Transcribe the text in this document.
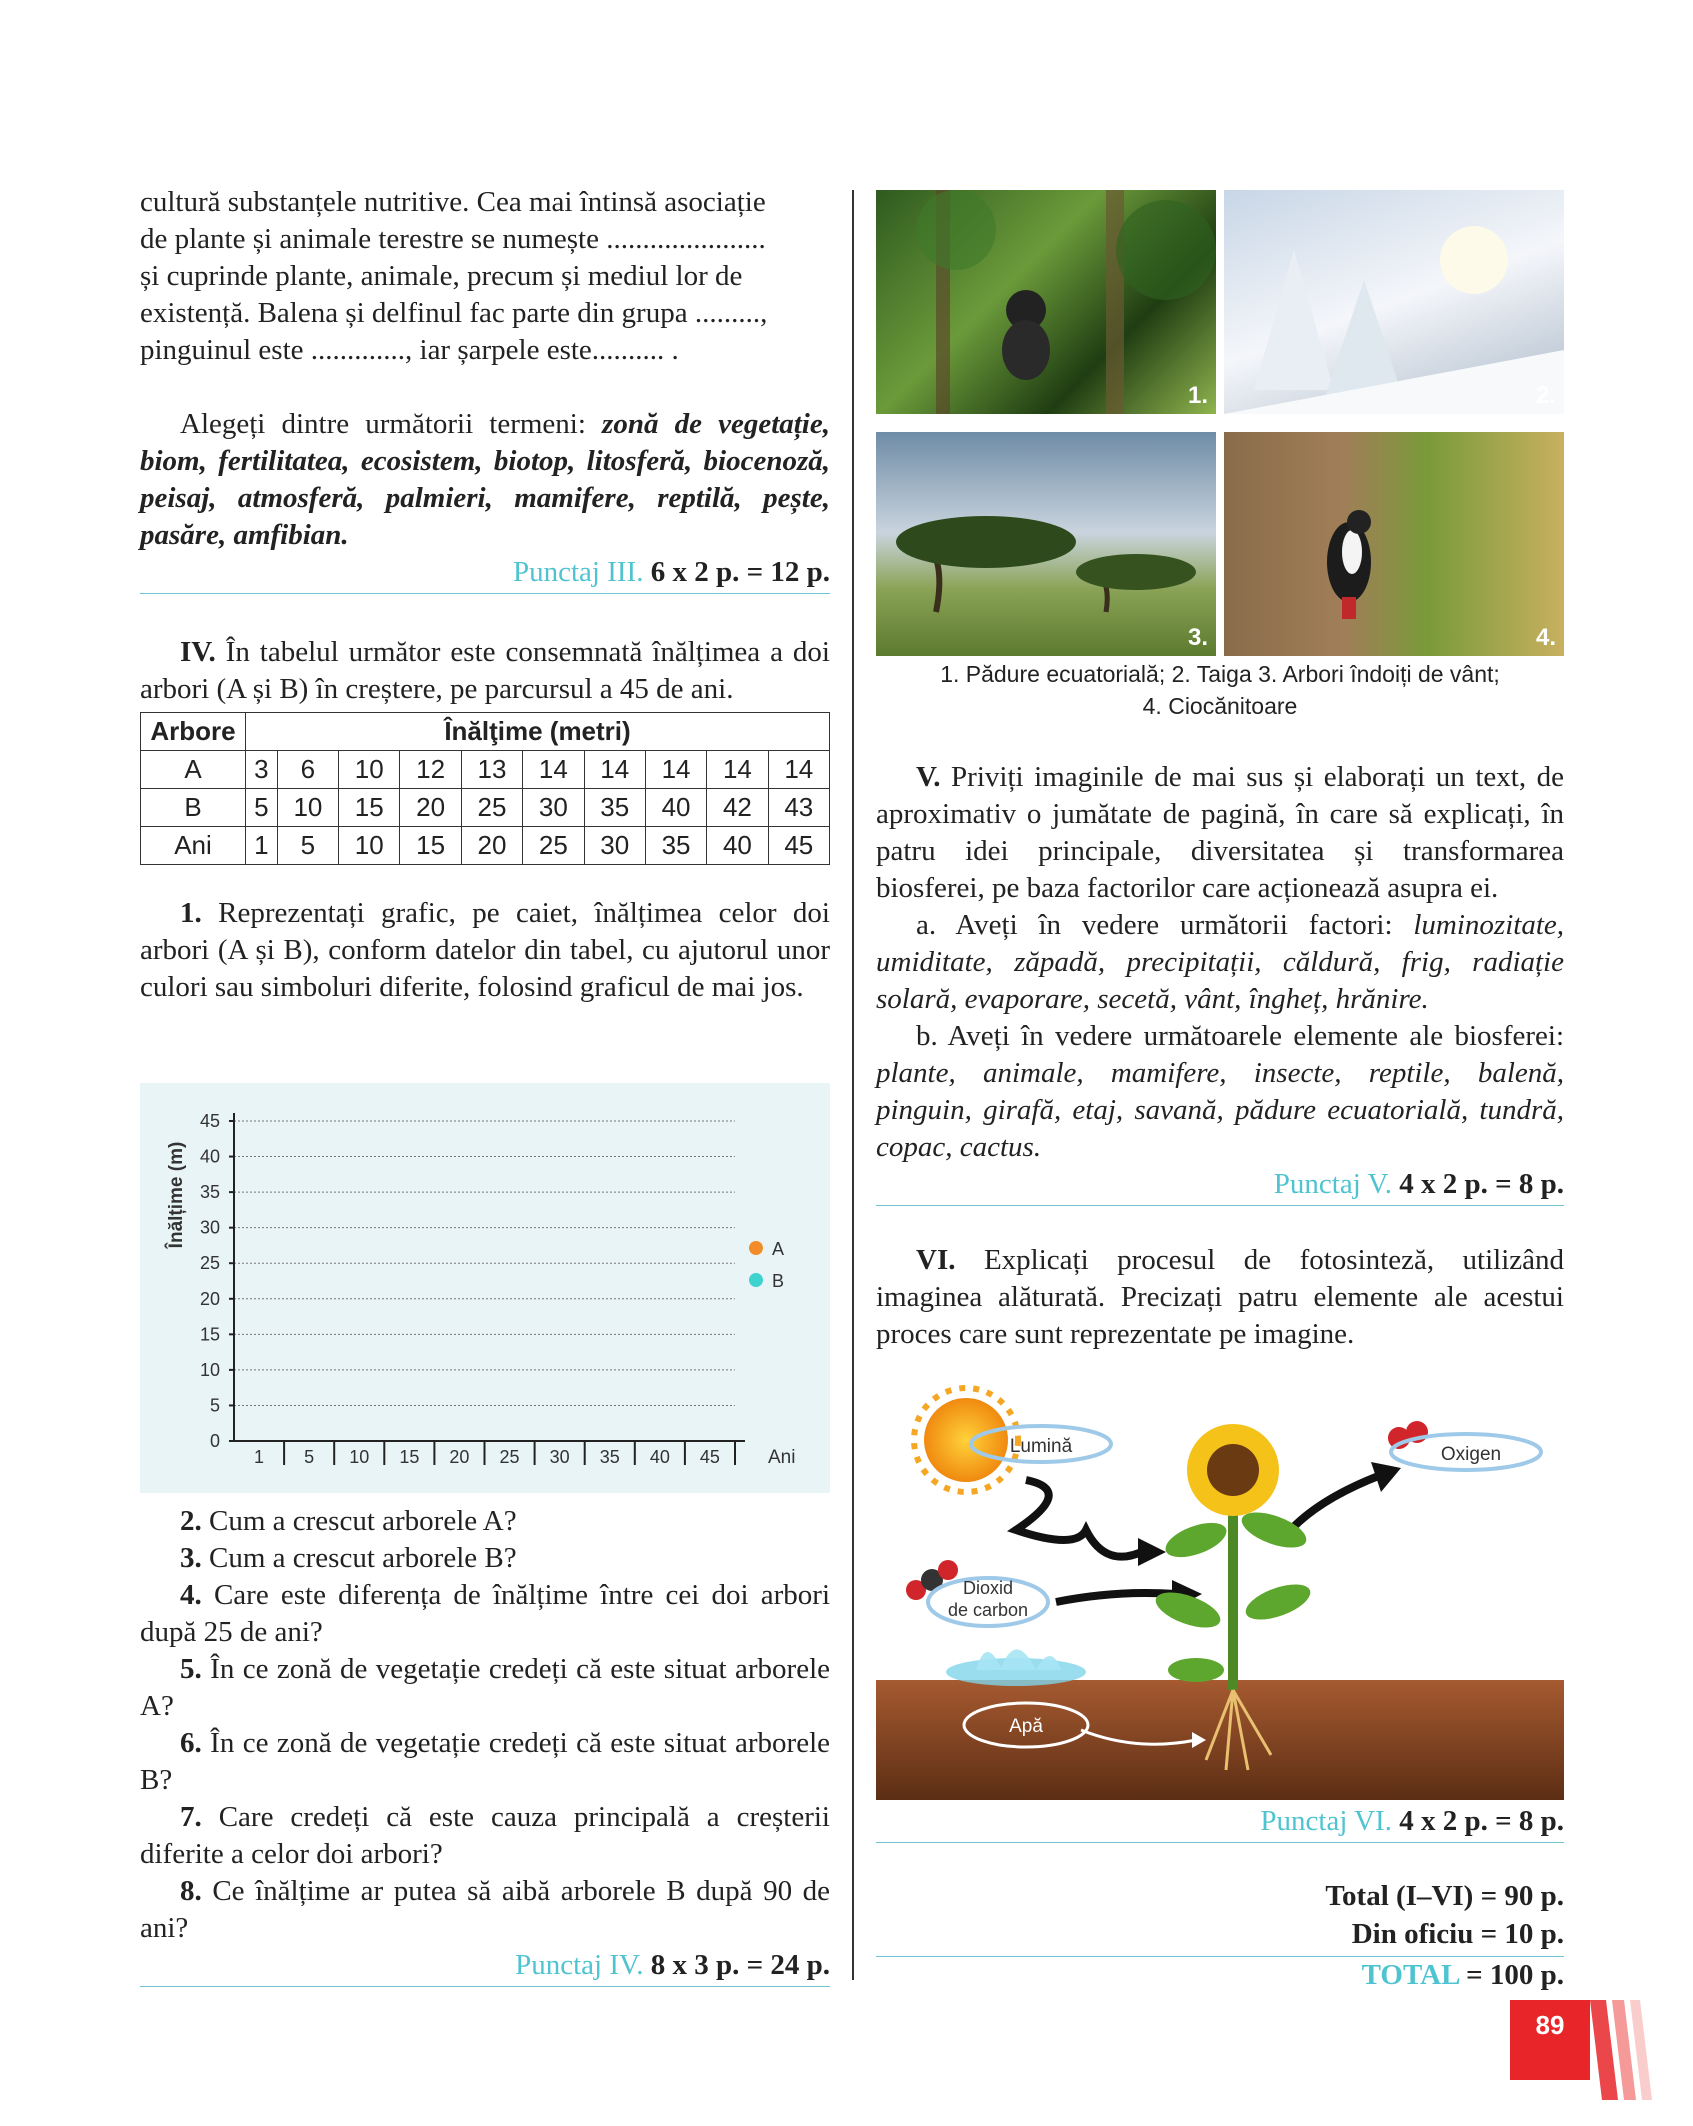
cultură substanțele nutritive. Cea mai întinsă asociație
de plante și animale terestre se numește ......................
și cuprinde plante, animale, precum și mediul lor de
existență. Balena și delfinul fac parte din grupa .........,
pinguinul este ............., iar șarpele este.......... .

Alegeți dintre următorii termeni: zonă de vegetație, biom, fertilitatea, ecosistem, biotop, litosferă, biocenoză, peisaj, atmosferă, palmieri, mamifere, reptilă, pește, pasăre, amfibian.

Punctaj III. 6 x 2 p. = 12 p.

IV. În tabelul următor este consemnată înălțimea a doi arbori (A și B) în creștere, pe parcursul a 45 de ani.

Arbore	Înălţime (metri)									
A	3	6	10	12	13	14	14	14	14	14
B	5	10	15	20	25	30	35	40	42	43
Ani	1	5	10	15	20	25	30	35	40	45

1. Reprezentați grafic, pe caiet, înălțimea celor doi arbori (A și B), conform datelor din tabel, cu ajutorul unor culori sau simboluri diferite, folosind graficul de mai jos.

Înălțime (m)
0
5
10
15
20
25
30
35
40
45
1 5 10 15 20 25 30 35 40 45	Ani
A
B

2. Cum a crescut arborele A?

3. Cum a crescut arborele B?

4. Care este diferența de înălțime între cei doi arbori după 25 de ani?

5. În ce zonă de vegetație credeți că este situat arborele A?

6. În ce zonă de vegetație credeți că este situat arborele B?

7. Care credeți că este cauza principală a creșterii diferite a celor doi arbori?

8. Ce înălțime ar putea să aibă arborele B după 90 de ani?

Punctaj IV. 8 x 3 p. = 24 p.
1.	2.
3.	4.
1. Pădure ecuatorială; 2. Taiga 3. Arbori îndoiți de vânt;
4. Ciocănitoare

V. Priviți imaginile de mai sus și elaborați un text, de aproximativ o jumătate de pagină, în care să explicați, în patru idei principale, diversitatea și transformarea biosferei, pe baza factorilor care acționează asupra ei.

a. Aveți în vedere următorii factori: luminozitate, umiditate, zăpadă, precipitații, căldură, frig, radiație solară, evaporare, secetă, vânt, îngheț, hrănire.

b. Aveți în vedere următoarele elemente ale biosferei: plante, animale, mamifere, insecte, reptile, balenă, pinguin, girafă, etaj, savană, pădure ecuatorială, tundră, copac, cactus.

Punctaj V. 4 x 2 p. = 8 p.

VI. Explicați procesul de fotosinteză, utilizând imaginea alăturată. Precizați patru elemente ale acestui proces care sunt reprezentate pe imagine.

Lumină	Oxigen
Dioxid
de carbon
Apă
Punctaj VI. 4 x 2 p. = 8 p.
Total (I–VI) = 90 p.
Din oficiu = 10 p.
TOTAL = 100 p.
89
